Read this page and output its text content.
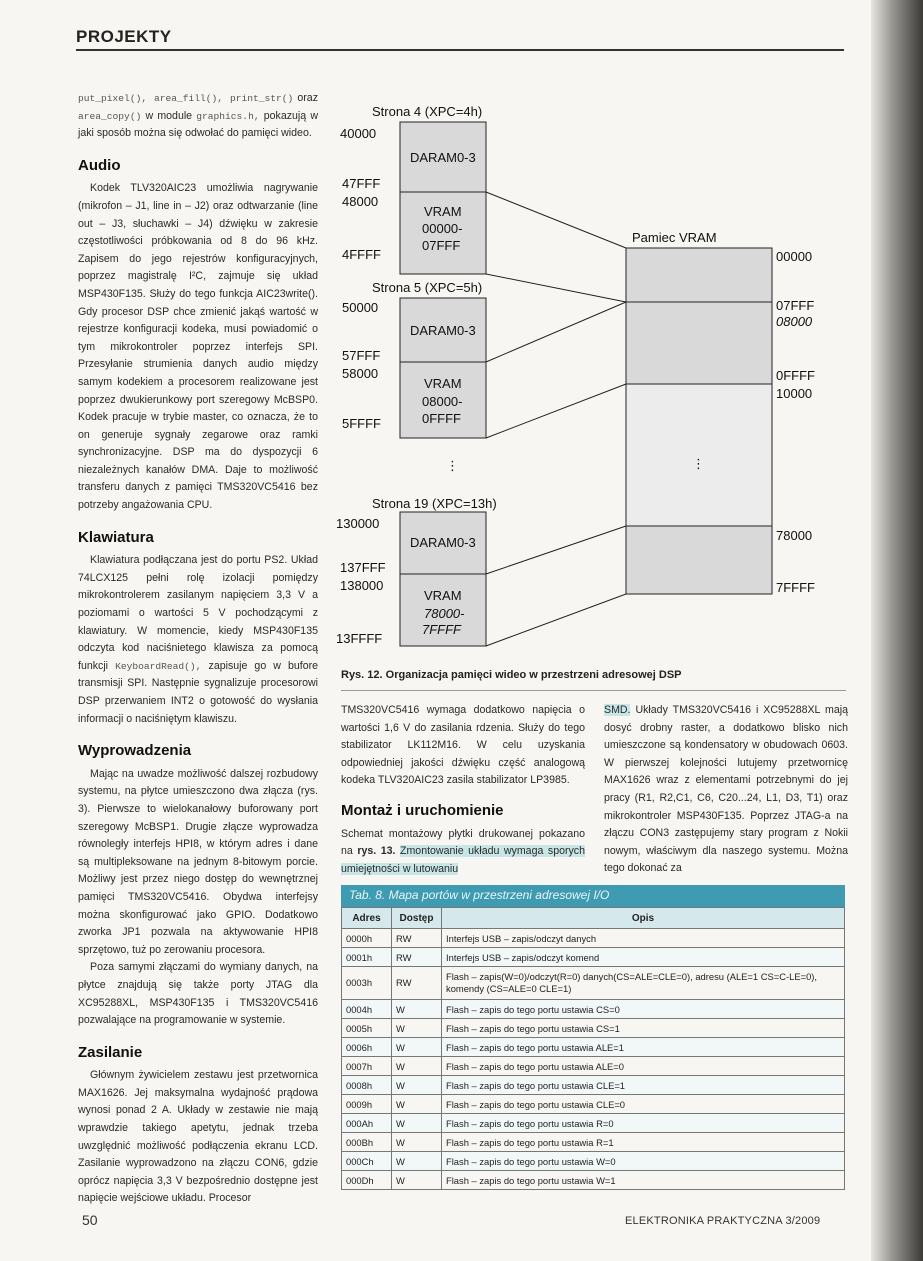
PROJEKTY

put_pixel(), area_fill(), print_str() oraz area_copy() w module graphics.h, pokazują w jaki sposób można się odwołać do pamięci wideo.

Audio

Kodek TLV320AIC23 umożliwia nagrywanie (mikrofon – J1, line in – J2) oraz odtwarzanie (line out – J3, słuchawki – J4) dźwięku w zakresie częstotliwości próbkowania od 8 do 96 kHz. Zapisem do jego rejestrów konfiguracyjnych, poprzez magistralę I²C, zajmuje się układ MSP430F135. Służy do tego funkcja AIC23write(). Gdy procesor DSP chce zmienić jakąś wartość w rejestrze konfiguracji kodeka, musi powiadomić o tym mikrokontroler poprzez interfejs SPI. Przesyłanie strumienia danych audio między samym kodekiem a procesorem realizowane jest poprzez dwukierunkowy port szeregowy McBSP0. Kodek pracuje w trybie master, co oznacza, że to on generuje sygnały zegarowe oraz ramki synchronizacyjne. DSP ma do dyspozycji 6 niezależnych kanałów DMA. Daje to możliwość transferu danych z pamięci TMS320VC5416 bez potrzeby angażowania CPU.

Klawiatura

Klawiatura podłączana jest do portu PS2. Układ 74LCX125 pełni rolę izolacji pomiędzy mikrokontrolerem zasilanym napięciem 3,3 V a poziomami o wartości 5 V pochodzącymi z klawiatury. W momencie, kiedy MSP430F135 odczyta kod naciśnietego klawisza za pomocą funkcji KeyboardRead(), zapisuje go w bufore transmisji SPI. Następnie sygnalizuje procesorowi DSP przerwaniem INT2 o gotowość do wysłania informacji o naciśniętym klawiszu.

Wyprowadzenia

Mając na uwadze możliwość dalszej rozbudowy systemu, na płytce umieszczono dwa złącza (rys. 3). Pierwsze to wielokanałowy buforowany port szeregowy McBSP1. Drugie złącze wyprowadza równoległy interfejs HPI8, w którym adres i dane są multipleksowane na jednym 8-bitowym porcie. Możliwy jest przez niego dostęp do wewnętrznej pamięci TMS320VC5416. Obydwa interfejsy można skonfigurować jako GPIO. Dodatkowo zworka JP1 pozwala na aktywowanie HPI8 sprzętowo, tuż po zerowaniu procesora.

Poza samymi złączami do wymiany danych, na płytce znajdują się także porty JTAG dla XC95288XL, MSP430F135 i TMS320VC5416 pozwalające na programowanie w systemie.

Zasilanie

Głównym żywicielem zestawu jest przetwornica MAX1626. Jej maksymalna wydajność prądowa wynosi ponad 2 A. Układy w zestawie nie mają wprawdzie takiego apetytu, jednak trzeba uwzględnić możliwość podłączenia ekranu LCD. Zasilanie wyprowadzono na złączu CON6, gdzie oprócz napięcia 3,3 V bezpośrednio dostępne jest napięcie wejściowe układu. Procesor

Strona 4 (XPC=4h)
40000
DARAM0-3
47FFF
48000
VRAM
00000-
07FFF
4FFFF
Strona 5 (XPC=5h)
50000
DARAM0-3
57FFF
58000
VRAM
08000-
0FFFF
5FFFF
⋮
Strona 19 (XPC=13h)
130000
DARAM0-3
137FFF
138000
VRAM
78000-
7FFFF
13FFFF
Pamiec VRAM
00000
07FFF
08000
0FFFF
10000
78000
7FFFF
⋮
Rys. 12. Organizacja pamięci wideo w przestrzeni adresowej DSP

TMS320VC5416 wymaga dodatkowo napięcia o wartości 1,6 V do zasilania rdzenia. Służy do tego stabilizator LK112M16. W celu uzyskania odpowiedniej jakości dźwięku część analogową kodeka TLV320AIC23 zasila stabilizator LP3985.

Montaż i uruchomienie

Schemat montażowy płytki drukowanej pokazano na rys. 13. Zmontowanie układu wymaga sporych umiejętności w lutowaniu

SMD. Układy TMS320VC5416 i XC95288XL mają dosyć drobny raster, a dodatkowo blisko nich umieszczone są kondensatory w obudowach 0603. W pierwszej kolejności lutujemy przetwornicę MAX1626 wraz z elementami potrzebnymi do jej pracy (R1, R2,C1, C6, C20...24, L1, D3, T1) oraz mikrokontroler MSP430F135. Poprzez JTAG-a na złączu CON3 zastępujemy stary program z Nokii nowym, właściwym dla naszego systemu. Można tego dokonać za

Tab. 8. Mapa portów w przestrzeni adresowej I/O
Adres	Dostęp	Opis
0000h	RW	Interfejs USB – zapis/odczyt danych
0001h	RW	Interfejs USB – zapis/odczyt komend
0003h	RW	Flash – zapis(W=0)/odczyt(R=0) danych(CS=ALE=CLE=0), adresu (ALE=1 CS=C-LE=0), komendy (CS=ALE=0 CLE=1)
0004h	W	Flash – zapis do tego portu ustawia CS=0
0005h	W	Flash – zapis do tego portu ustawia CS=1
0006h	W	Flash – zapis do tego portu ustawia ALE=1
0007h	W	Flash – zapis do tego portu ustawia ALE=0
0008h	W	Flash – zapis do tego portu ustawia CLE=1
0009h	W	Flash – zapis do tego portu ustawia CLE=0
000Ah	W	Flash – zapis do tego portu ustawia R=0
000Bh	W	Flash – zapis do tego portu ustawia R=1
000Ch	W	Flash – zapis do tego portu ustawia W=0
000Dh	W	Flash – zapis do tego portu ustawia W=1
50	ELEKTRONIKA PRAKTYCZNA 3/2009
